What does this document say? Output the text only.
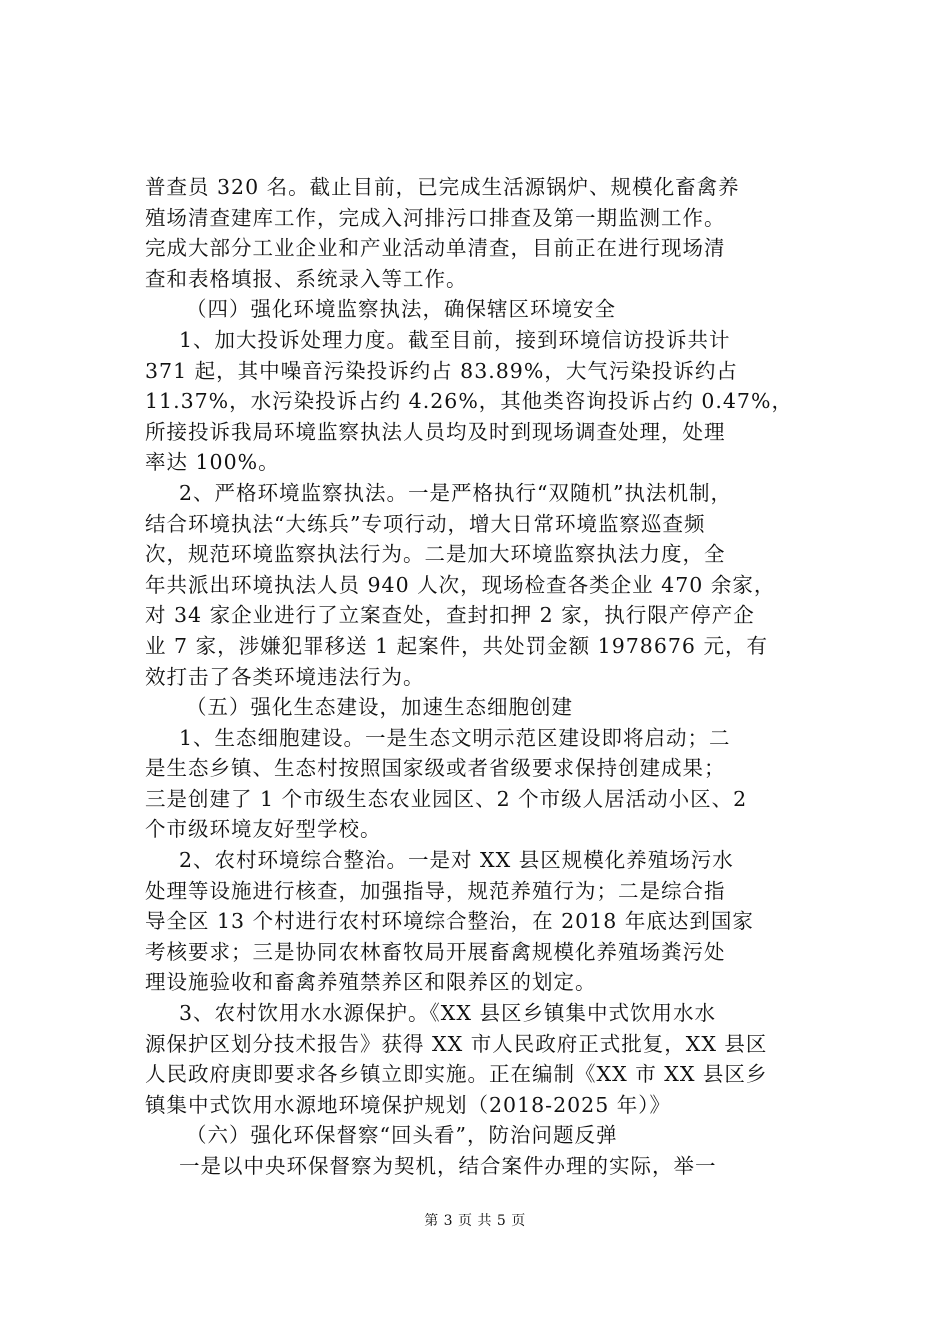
普查员 320 名。截止目前，已完成生活源锅炉、规模化畜禽养
殖场清查建库工作，完成入河排污口排查及第一期监测工作。
完成大部分工业企业和产业活动单清查，目前正在进行现场清
查和表格填报、系统录入等工作。
（四）强化环境监察执法，确保辖区环境安全
1、加大投诉处理力度。截至目前，接到环境信访投诉共计
371 起，其中噪音污染投诉约占 83.89%，大气污染投诉约占
11.37%，水污染投诉占约 4.26%，其他类咨询投诉占约 0.47%，
所接投诉我局环境监察执法人员均及时到现场调查处理，处理
率达 100%。
2、严格环境监察执法。一是严格执行“双随机”执法机制，
结合环境执法“大练兵”专项行动，增大日常环境监察巡查频
次，规范环境监察执法行为。二是加大环境监察执法力度，全
年共派出环境执法人员 940 人次，现场检查各类企业 470 余家，
对 34 家企业进行了立案查处，查封扣押 2 家，执行限产停产企
业 7 家，涉嫌犯罪移送 1 起案件，共处罚金额 1978676 元，有
效打击了各类环境违法行为。
（五）强化生态建设，加速生态细胞创建
1、生态细胞建设。一是生态文明示范区建设即将启动；二
是生态乡镇、生态村按照国家级或者省级要求保持创建成果；
三是创建了 1 个市级生态农业园区、2 个市级人居活动小区、2
个市级环境友好型学校。
2、农村环境综合整治。一是对 XX 县区规模化养殖场污水
处理等设施进行核查，加强指导，规范养殖行为；二是综合指
导全区 13 个村进行农村环境综合整治，在 2018 年底达到国家
考核要求；三是协同农林畜牧局开展畜禽规模化养殖场粪污处
理设施验收和畜禽养殖禁养区和限养区的划定。
3、农村饮用水水源保护。《XX 县区乡镇集中式饮用水水
源保护区划分技术报告》获得 XX 市人民政府正式批复，XX 县区
人民政府庚即要求各乡镇立即实施。正在编制《XX 市 XX 县区乡
镇集中式饮用水源地环境保护规划（2018-2025 年）》
（六）强化环保督察“回头看”，防治问题反弹
一是以中央环保督察为契机，结合案件办理的实际，举一
第 3 页 共 5 页
